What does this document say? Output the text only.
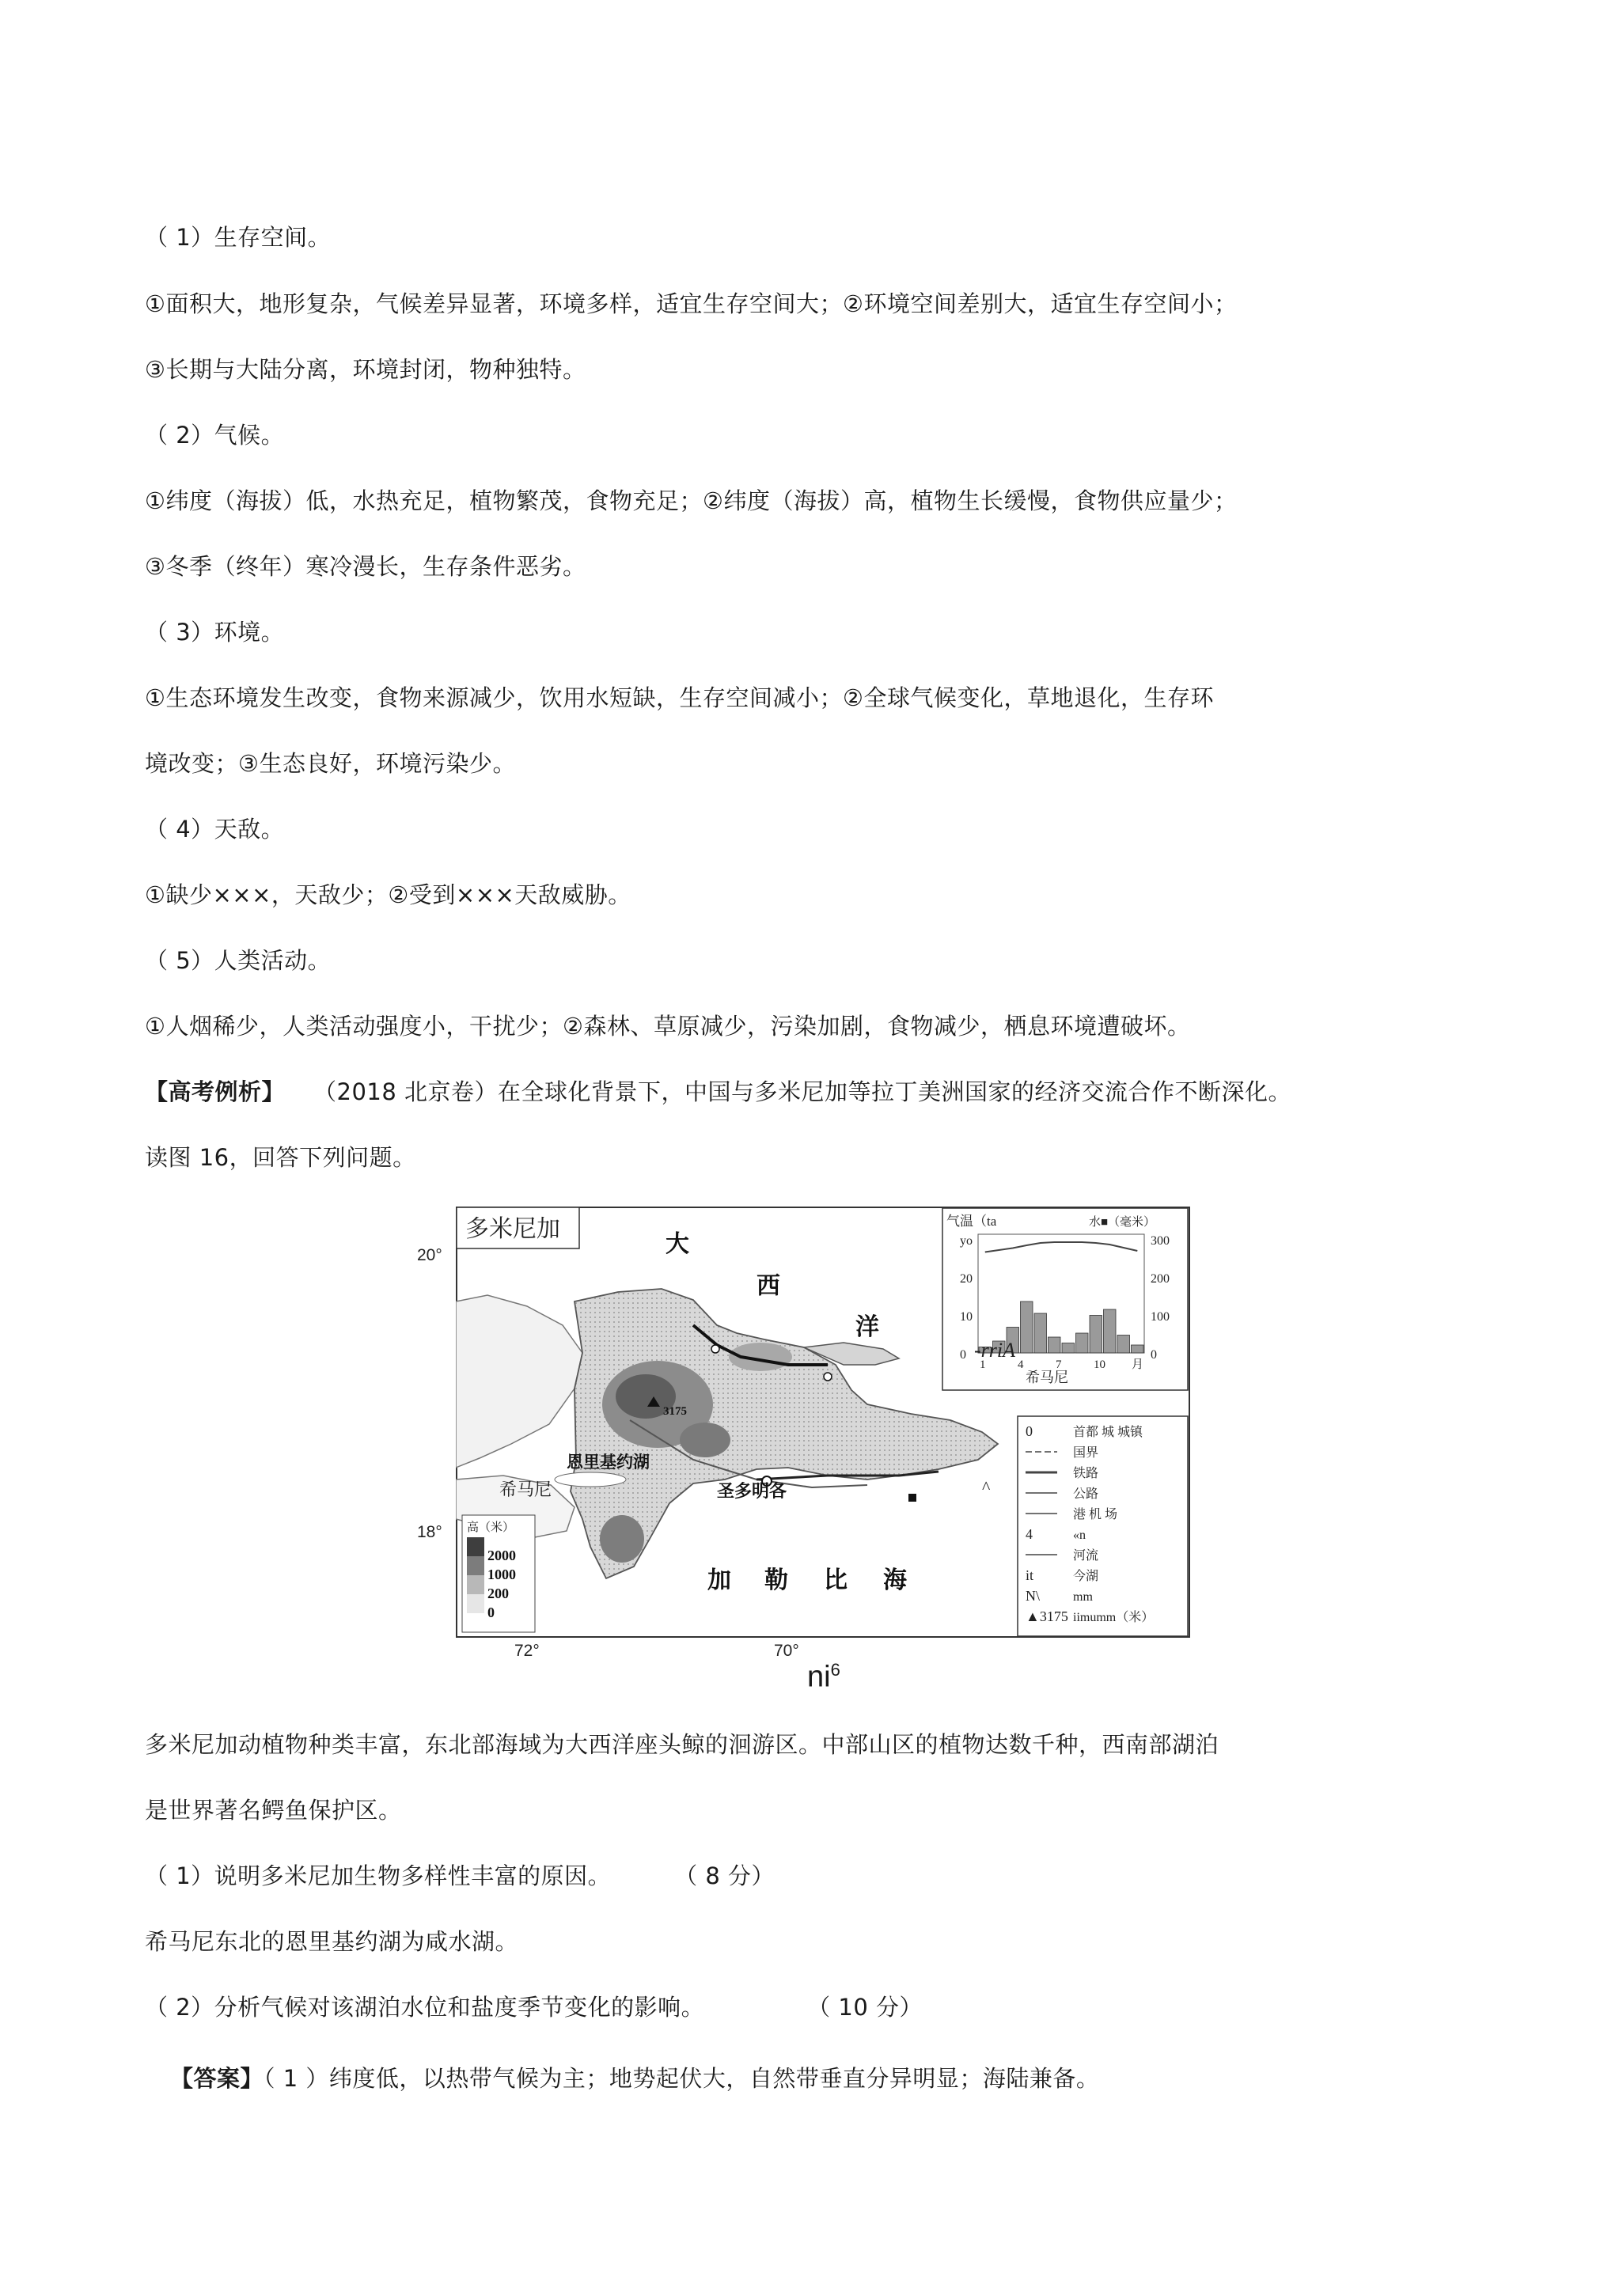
（ 1）生存空间。
①面积大，地形复杂，气候差异显著，环境多样，适宜生存空间大；②环境空间差别大，适宜生存空间小；
③长期与大陆分离，环境封闭，物种独特。
（ 2）气候。
①纬度（海拔）低，水热充足，植物繁茂，食物充足；②纬度（海拔）高，植物生长缓慢，食物供应量少；
③冬季（终年）寒冷漫长，生存条件恶劣。
（ 3）环境。
①生态环境发生改变，食物来源减少，饮用水短缺，生存空间减小；②全球气候变化，草地退化，生存环
境改变；③生态良好，环境污染少。
（ 4）天敌。
①缺少×××，天敌少；②受到×××天敌威胁。
（ 5）人类活动。
①人烟稀少，人类活动强度小，干扰少；②森林、草原减少，污染加剧，食物减少，栖息环境遭破坏。
【高考例析】 （2018 北京卷）在全球化背景下，中国与多米尼加等拉丁美洲国家的经济交流合作不断深化。
读图 16，回答下列问题。
多米尼加
大
西
洋
加 勒 比 海
恩里基约湖
希马尼	圣多明各
3175
^
高（米）
2000
1000
200
0
气温（ta	水■（毫米）
yo
20
10
0
300
200
100
0
1	4	7	10 月
-rriA
希马尼
0	首都 城 城镇
国界
铁路
公路
港 机 场
4	«n
河流
it	今湖
N\	mm
▲3175 iimumm（米）
20°
18°
72°	70°
$ni^6$
多米尼加动植物种类丰富，东北部海域为大西洋座头鲸的洄游区。中部山区的植物达数千种，西南部湖泊
是世界著名鳄鱼保护区。
（ 1）说明多米尼加生物多样性丰富的原因。	（ 8 分）
希马尼东北的恩里基约湖为咸水湖。
（ 2）分析气候对该湖泊水位和盐度季节变化的影响。	（ 10 分）
【答案】（ 1 ）纬度低，以热带气候为主；地势起伏大，自然带垂直分异明显；海陆兼备。
